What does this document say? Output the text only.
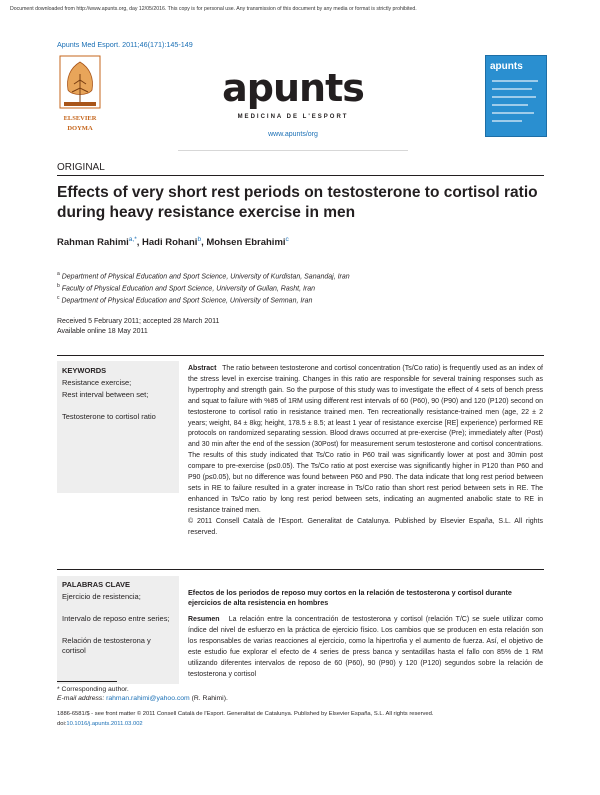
Document downloaded from http://www.apunts.org, day 12/05/2016. This copy is for personal use. Any transmission of this document by any media or format is strictly prohibited.
Apunts Med Esport. 2011;46(171):145-149
ELSEVIER
DOYMA
apunts
MEDICINA DE L'ESPORT
www.apunts/org
apunts
ORIGINAL
Effects of very short rest periods on testosterone to cortisol ratio during heavy resistance exercise in men
Rahman Rahimi$^{a,*}$, Hadi Rohani$^b$, Mohsen Ebrahimi$^c$
$^a$ Department of Physical Education and Sport Science, University of Kurdistan, Sanandaj, Iran
$^b$ Faculty of Physical Education and Sport Science, University of Guilan, Rasht, Iran
$^c$ Department of Physical Education and Sport Science, University of Semnan, Iran
Received 5 February 2011; accepted 28 March 2011
Available online 18 May 2011
KEYWORDS
Resistance exercise;
Rest interval between set;
Testosterone to cortisol ratio
Abstract The ratio between testosterone and cortisol concentration (Ts/Co ratio) is frequently used as an index of the stress level in exercise training. Changes in this ratio are responsible for several training responses such as hypertrophy and strength gain. So the purpose of this study was to investigate the effect of 4 sets of bench press and squat to failure with %85 of 1RM using different rest intervals of 60 (P60), 90 (P90) and 120 (P120) second on testosterone to cortisol ratio in resistance trained men. Ten recreationally resistance-trained men (age, 22 ± 2 years; weight, 84 ± 8kg; height, 178.5 ± 8.5; at least 1 year of resistance exercise [RE] experience) performed RE protocols on randomized separating session. Blood draws occurred at pre-exercise (Pre); immediately after (Post) and 30 min after the end of the session (30Post) for measurement serum testosterone and cortisol concentrations. The results of this study indicated that Ts/Co ratio in P60 trail was significantly lower at post and 30min post compare to pre-exercise (p≤0.05). The Ts/Co ratio at post exercise was significantly higher in P120 than P60 and P90 (p≤0.05), but no difference was found between P60 and P90. The data indicate that long rest period between sets in RE to failure resulted in a grater increase in Ts/Co ratio than short rest period between sets in RE. The enhanced in Ts/Co ratio by long rest period between sets, indicating an augmented anabolic state to RE in resistance trained men.
© 2011 Consell Català de l'Esport. Generalitat de Catalunya. Published by Elsevier España, S.L. All rights reserved.
PALABRAS CLAVE
Ejercicio de resistencia;
Intervalo de reposo entre series;
Relación de testosterona y cortisol
Efectos de los periodos de reposo muy cortos en la relación de testosterona y cortisol durante ejercicios de alta resistencia en hombres
Resumen La relación entre la concentración de testosterona y cortisol (relación T/C) se suele utilizar como índice del nivel de esfuerzo en la práctica de ejercicio físico. Los cambios que se producen en esta relación son los responsables de varias reacciones al ejercicio, como la hipertrofia y el aumento de fuerza. Así, el objetivo de este estudio fue explorar el efecto de 4 series de press banca y sentadillas hasta el fallo con 85% de 1 RM utilizando diferentes intervalos de reposo de 60 (P60), 90 (P90) y 120 (P120) segundos sobre la relación de testosterona y cortisol
* Corresponding author.
E-mail address: rahman.rahimi@yahoo.com (R. Rahimi).
1886-6581/$ - see front matter © 2011 Consell Català de l'Esport. Generalitat de Catalunya. Published by Elsevier España, S.L. All rights reserved.
doi:10.1016/j.apunts.2011.03.002
